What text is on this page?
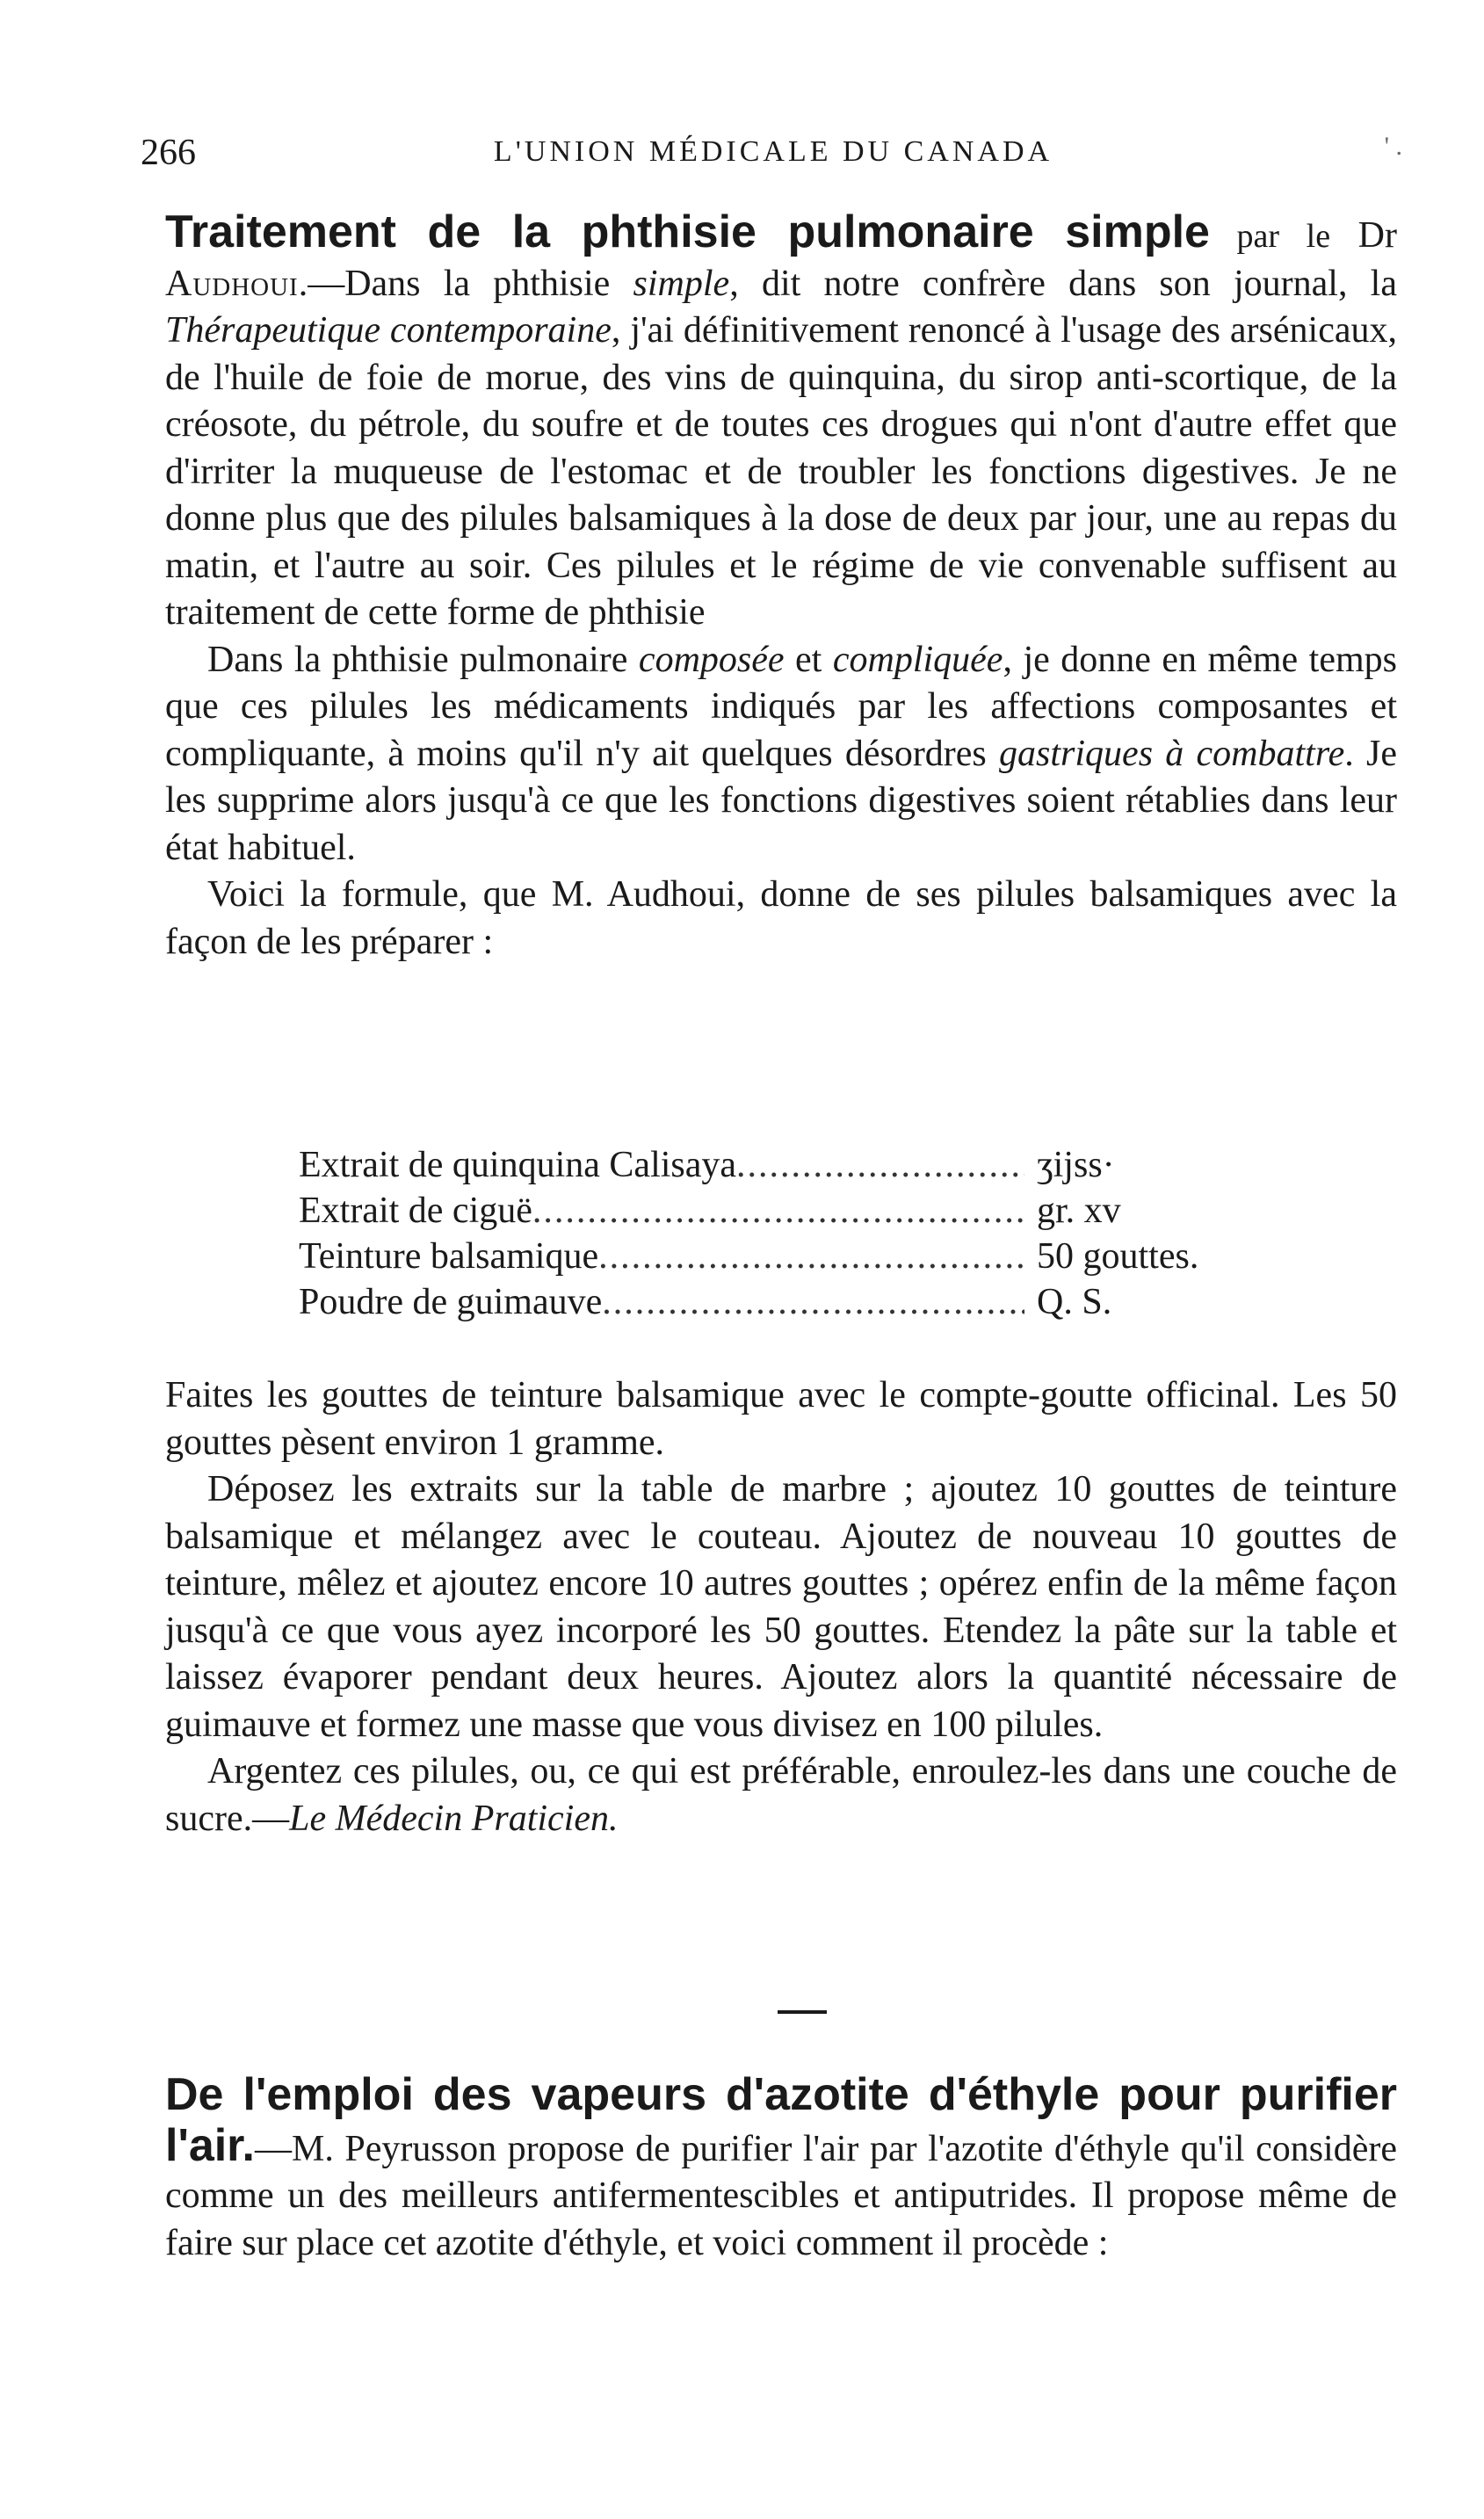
266	L'UNION MÉDICALE DU CANADA	' .

Traitement de la phthisie pulmonaire simple par le Dr Audhoui.—Dans la phthisie simple, dit notre confrère dans son journal, la Thérapeutique contemporaine, j'ai définitivement renoncé à l'usage des arsénicaux, de l'huile de foie de morue, des vins de quinquina, du sirop anti-scortique, de la créosote, du pétrole, du soufre et de toutes ces drogues qui n'ont d'autre effet que d'irriter la muqueuse de l'estomac et de troubler les fonctions digestives. Je ne donne plus que des pilules balsamiques à la dose de deux par jour, une au repas du matin, et l'autre au soir. Ces pilules et le régime de vie convenable suffisent au traitement de cette forme de phthisie

Dans la phthisie pulmonaire composée et compliquée, je donne en même temps que ces pilules les médicaments indiqués par les affections composantes et compliquante, à moins qu'il n'y ait quelques désordres gastriques à combattre. Je les supprime alors jusqu'à ce que les fonctions digestives soient rétablies dans leur état habituel.

Voici la formule, que M. Audhoui, donne de ses pilules balsamiques avec la façon de les préparer :

Extrait de quinquina Calisaya .....	ʒijss·
Extrait de ciguë .....	gr. xv
Teinture balsamique .....	50 gouttes.
Poudre de guimauve .....	Q. S.

Faites les gouttes de teinture balsamique avec le compte-goutte officinal. Les 50 gouttes pèsent environ 1 gramme.

Déposez les extraits sur la table de marbre ; ajoutez 10 gouttes de teinture balsamique et mélangez avec le couteau. Ajoutez de nouveau 10 gouttes de teinture, mêlez et ajoutez encore 10 autres gouttes ; opérez enfin de la même façon jusqu'à ce que vous ayez incorporé les 50 gouttes. Etendez la pâte sur la table et laissez évaporer pendant deux heures. Ajoutez alors la quantité nécessaire de guimauve et formez une masse que vous divisez en 100 pilules.

Argentez ces pilules, ou, ce qui est préférable, enroulez-les dans une couche de sucre.—Le Médecin Praticien.

De l'emploi des vapeurs d'azotite d'éthyle pour purifier l'air.—M. Peyrusson propose de purifier l'air par l'azotite d'éthyle qu'il considère comme un des meilleurs antifermentescibles et antiputrides. Il propose même de faire sur place cet azotite d'éthyle, et voici comment il procède :
